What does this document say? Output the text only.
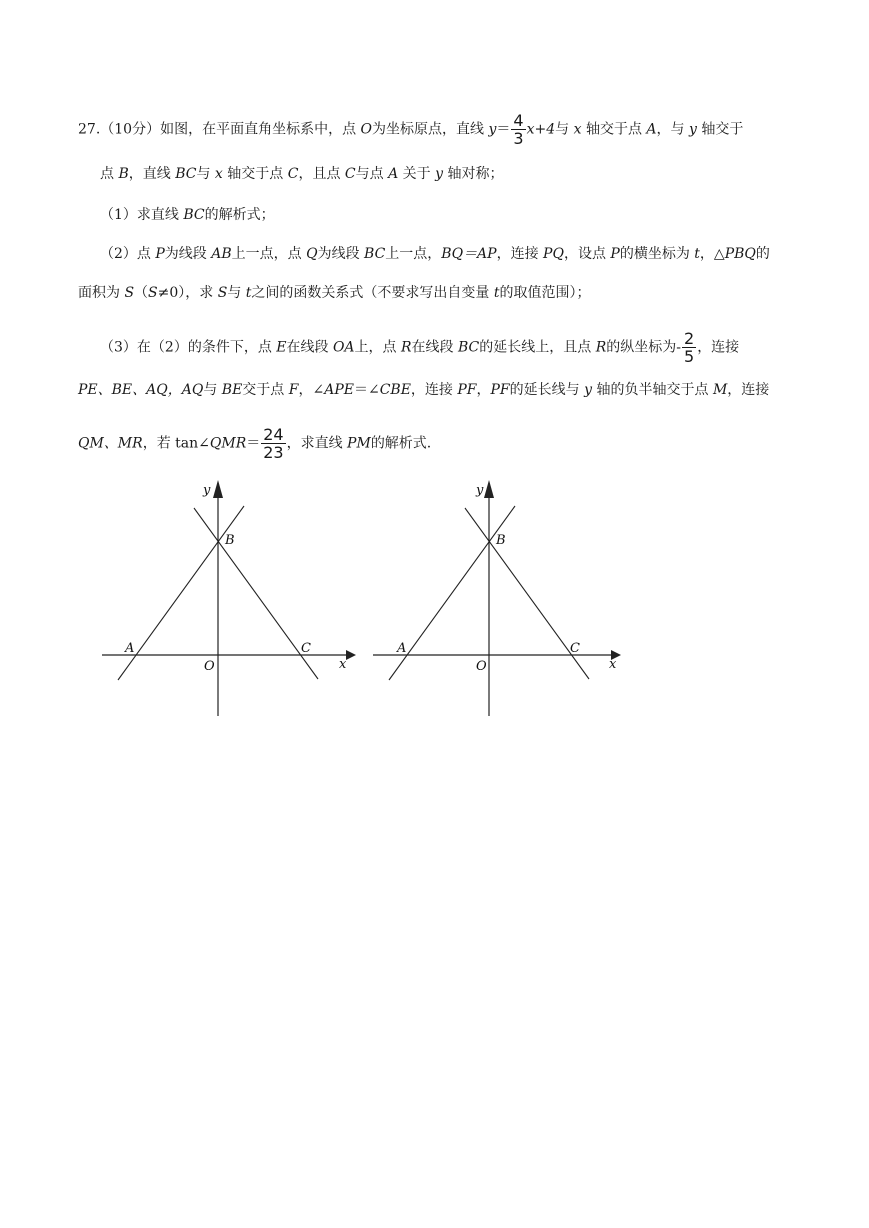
27.（10分）如图，在平面直角坐标系中，点 O为坐标原点，直线 $y= \frac{4}{3} x+4$与 x 轴交于点 A，与 y 轴交于
点 B，直线 BC与 x 轴交于点 C，且点 C与点 A 关于 y 轴对称；
（1）求直线 BC的解析式；
（2）点 P为线段 AB上一点，点 Q为线段 BC上一点，BQ＝AP，连接 PQ，设点 P的横坐标为 t，△PBQ的
面积为 S（S≠0），求 S与 t之间的函数关系式（不要求写出自变量 t的取值范围）；
（3）在（2）的条件下，点 E在线段 OA上，点 R在线段 BC的延长线上，且点 R的纵坐标为- $\frac{2}{5}$ ，连接
PE、BE、AQ，AQ与 BE交于点 F，∠APE＝∠CBE，连接 PF，PF的延长线与 y 轴的负半轴交于点 M，连接
QM、MR，若 tan∠QMR＝ $\frac{24}{23}$ ，求直线 PM的解析式.
y
B
A
O
C
x
y
B
A
O
C
x
